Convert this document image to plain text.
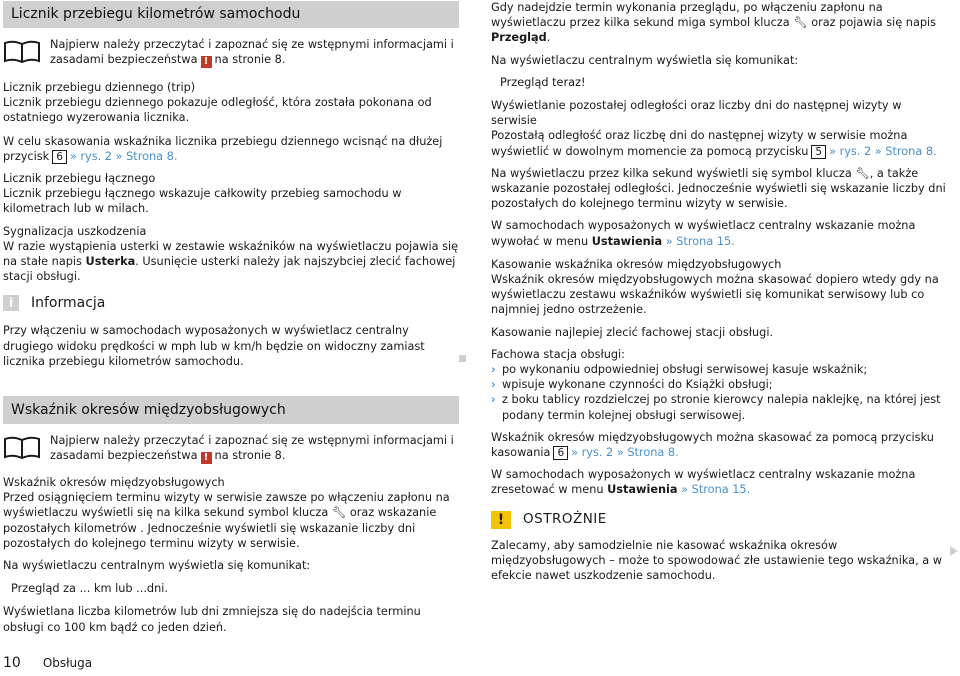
Licznik przebiegu kilometrów samochodu
Najpierw należy przeczytać i zapoznać się ze wstępnymi informacjami i
zasadami bezpieczeństwa ! na stronie 8.
Licznik przebiegu dziennego (trip)
Licznik przebiegu dziennego pokazuje odległość, która została pokonana od ostatniego wyzerowania licznika.
W celu skasowania wskaźnika licznika przebiegu dziennego wcisnąć na dłużej przycisk 6 » rys. 2 » Strona 8.
Licznik przebiegu łącznego
Licznik przebiegu łącznego wskazuje całkowity przebieg samochodu w kilometrach lub w milach.
Sygnalizacja uszkodzenia
W razie wystąpienia usterki w zestawie wskaźników na wyświetlaczu pojawia się na stałe napis Usterka. Usunięcie usterki należy jak najszybciej zlecić fachowej stacji obsługi.
i	Informacja
Przy włączeniu w samochodach wyposażonych w wyświetlacz centralny drugiego widoku prędkości w mph lub w km/h będzie on widoczny zamiast licznika przebiegu kilometrów samochodu.
Wskaźnik okresów międzyobsługowych
Najpierw należy przeczytać i zapoznać się ze wstępnymi informacjami i
zasadami bezpieczeństwa ! na stronie 8.
Wskaźnik okresów międzyobsługowych
Przed osiągnięciem terminu wizyty w serwisie zawsze po włączeniu zapłonu na wyświetlaczu wyświetli się na kilka sekund symbol klucza 🔧︎ oraz wskazanie pozostałych kilometrów . Jednocześnie wyświetli się wskazanie liczby dni pozostałych do kolejnego terminu wizyty w serwisie.
Na wyświetlaczu centralnym wyświetla się komunikat:
Przegląd za ... km lub ...dni.
Wyświetlana liczba kilometrów lub dni zmniejsza się do nadejścia terminu obsługi co 100 km bądź co jeden dzień.
Gdy nadejdzie termin wykonania przeglądu, po włączeniu zapłonu na wyświetlaczu przez kilka sekund miga symbol klucza 🔧︎ oraz pojawia się napis Przegląd.
Na wyświetlaczu centralnym wyświetla się komunikat:
Przegląd teraz!
Wyświetlanie pozostałej odległości oraz liczby dni do następnej wizyty w serwisie
Pozostałą odległość oraz liczbę dni do następnej wizyty w serwisie można wyświetlić w dowolnym momencie za pomocą przycisku 5 » rys. 2 » Strona 8.
Na wyświetlaczu przez kilka sekund wyświetli się symbol klucza 🔧︎, a także wskazanie pozostałej odległości. Jednocześnie wyświetli się wskazanie liczby dni pozostałych do kolejnego terminu wizyty w serwisie.
W samochodach wyposażonych w wyświetlacz centralny wskazanie można wywołać w menu Ustawienia » Strona 15.
Kasowanie wskaźnika okresów międzyobsługowych
Wskaźnik okresów międzyobsługowych można skasować dopiero wtedy gdy na wyświetlaczu zestawu wskaźników wyświetli się komunikat serwisowy lub co najmniej jedno ostrzeżenie.
Kasowanie najlepiej zlecić fachowej stacji obsługi.
Fachowa stacja obsługi:
› po wykonaniu odpowiedniej obsługi serwisowej kasuje wskaźnik;
› wpisuje wykonane czynności do Książki obsługi;
› z boku tablicy rozdzielczej po stronie kierowcy nalepia naklejkę, na której jest podany termin kolejnej obsługi serwisowej.
Wskaźnik okresów międzyobsługowych można skasować za pomocą przycisku kasowania 6 » rys. 2 » Strona 8.
W samochodach wyposażonych w wyświetlacz centralny wskazanie można zresetować w menu Ustawienia » Strona 15.
!	OSTROŻNIE
Zalecamy, aby samodzielnie nie kasować wskaźnika okresów międzyobsługowych – może to spowodować złe ustawienie tego wskaźnika, a w efekcie nawet uszkodzenie samochodu.
10 Obsługa
